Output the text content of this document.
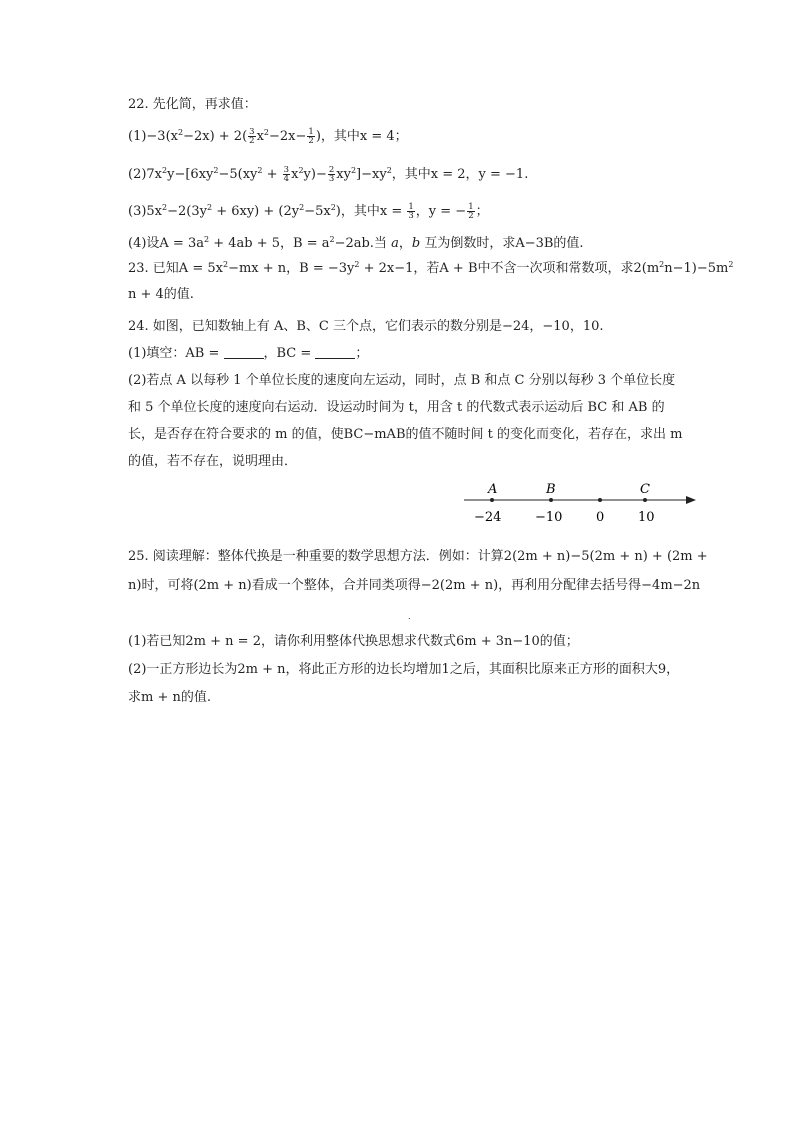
22. 先化简，再求值：
$(1)-3(x^2-2x) + 2( \frac{3}{2} x^2-2x- \frac{1}{2}$ )，其中x = 4；
$(2)7x^2y-[6xy^2-5(xy^2 + \frac{3}{4} x^2y)- \frac{2}{3} xy^2]-xy^2$，其中x = 2，y = −1.
$(3)5x^2-2(3y^2 + 6xy) + (2y^2-5x^2)$，其中$x = \frac{1}{3}$ ，y = − $\frac{1}{2}$ ；
(4)设$A = 3a^2 + 4ab + 5$，$B = a^2-2ab$.当 a，b 互为倒数时，求A−3B的值.
23. 已知$A = 5x^2-mx + n$，$B = -3y^2 + 2x-1$，若A + B中不含一次项和常数项，求$2(m^2n-1)-5m^2$
n + 4的值.
24. 如图，已知数轴上有 A、B、C 三个点，它们表示的数分别是−24，−10，10.
(1)填空：AB =	，BC =	；
(2)若点 A 以每秒 1 个单位长度的速度向左运动，同时，点 B 和点 C 分别以每秒 3 个单位长度
和 5 个单位长度的速度向右运动．设运动时间为 t，用含 t 的代数式表示运动后 BC 和 AB 的
长，是否存在符合要求的 m 的值，使BC−mAB的值不随时间 t 的变化而变化，若存在，求出 m
的值，若不存在，说明理由．
A
−24
B
−10	0
C
10
25. 阅读理解：整体代换是一种重要的数学思想方法．例如：计算2(2m + n)−5(2m + n) + (2m +
n)时，可将(2m + n)看成一个整体，合并同类项得−2(2m + n)，再利用分配律去括号得−4m−2n
.
(1)若已知2m + n = 2，请你利用整体代换思想求代数式6m + 3n−10的值；
(2)一正方形边长为2m + n，将此正方形的边长均增加1之后，其面积比原来正方形的面积大9，
求m + n的值.
